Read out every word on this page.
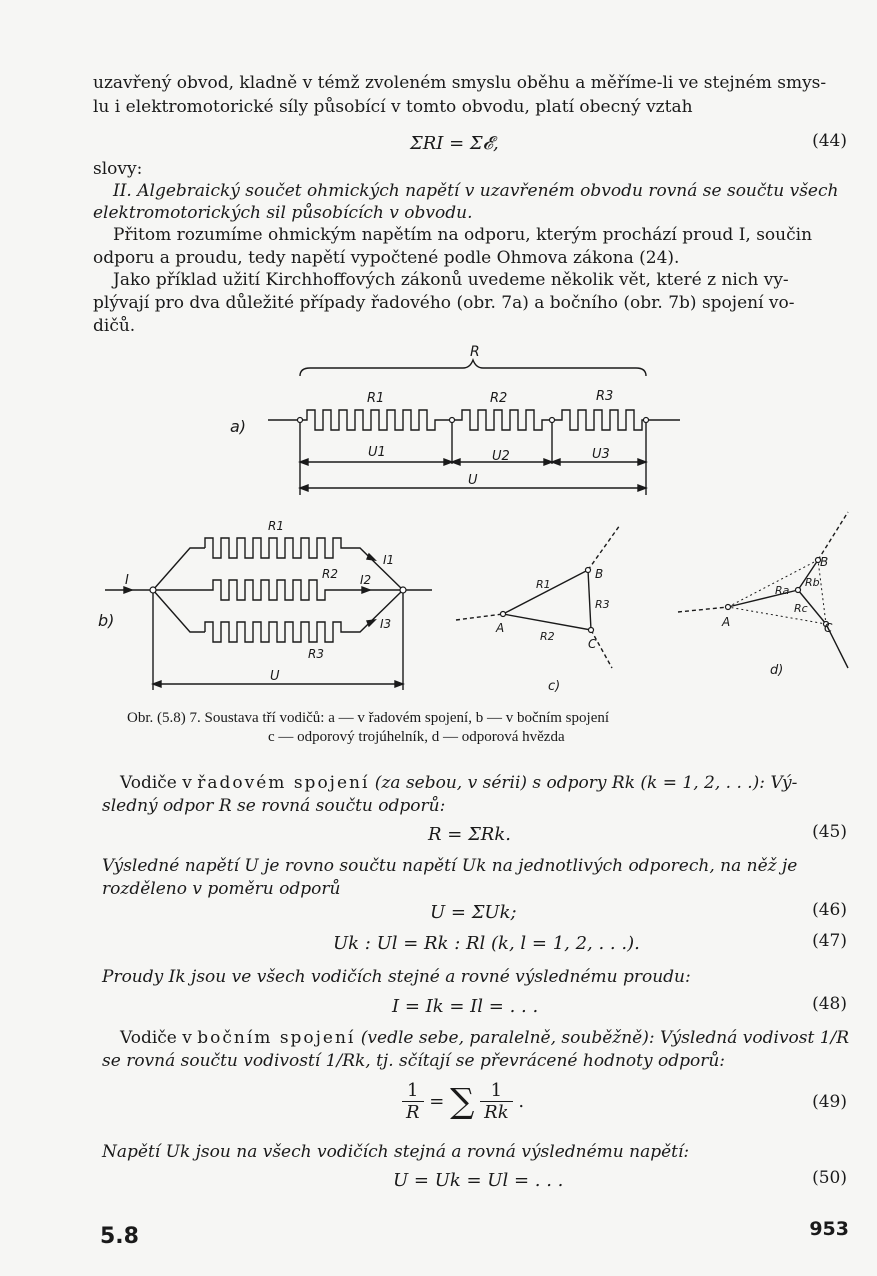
uzavřený obvod, kladně v témž zvoleném smyslu oběhu a měříme-li ve stejném smys-
lu i elektromotorické síly působící v tomto obvodu, platí obecný vztah
ΣRI = Σ𝓔,	(44)
slovy:
II. Algebraický součet ohmických napětí v uzavřeném obvodu rovná se součtu všech
elektromotorických sil působících v obvodu.
Přitom rozumíme ohmickým napětím na odporu, kterým prochází proud I, součin
odporu a proudu, tedy napětí vypočtené podle Ohmova zákona (24).
Jako příklad užití Kirchhoffových zákonů uvedeme několik vět, které z nich vy-
plývají pro dva důležité případy řadového (obr. 7a) a bočního (obr. 7b) spojení vo-
dičů.
a)
R
R1	R2	R3
U1	U2	U3
U
b)
I
R1
R2
R3
I1
I2
I3
U
c)
A
B
C
R1
R2
R3
d)
A
B
C
Ra
Rb
Rc
Obr. (5.8) 7. Soustava tří vodičů: a — v řadovém spojení, b — v bočním spojení
c — odporový trojúhelník, d — odporová hvězda
Vodiče v řadovém spojení (za sebou, v sérii) s odpory Rk (k = 1, 2, . . .): Vý-
sledný odpor R se rovná součtu odporů:
R = ΣRk.	(45)
Výsledné napětí U je rovno součtu napětí Uk na jednotlivých odporech, na něž je
rozděleno v poměru odporů
U = ΣUk;	(46)
Uk : Ul = Rk : Rl (k, l = 1, 2, . . .).	(47)
Proudy Ik jsou ve všech vodičích stejné a rovné výslednému proudu:
I = Ik = Il = . . .	(48)
Vodiče v bočním spojení (vedle sebe, paralelně, souběžně): Výsledná vodivost 1/R
se rovná součtu vodivostí 1/Rk, tj. sčítají se převrácené hodnoty odporů:
$\frac{1}{R}$ = ∑ $\frac{1}{Rk}$ .	(49)
Napětí Uk jsou na všech vodičích stejná a rovná výslednému napětí:
U = Uk = Ul = . . .	(50)
5.8	953
